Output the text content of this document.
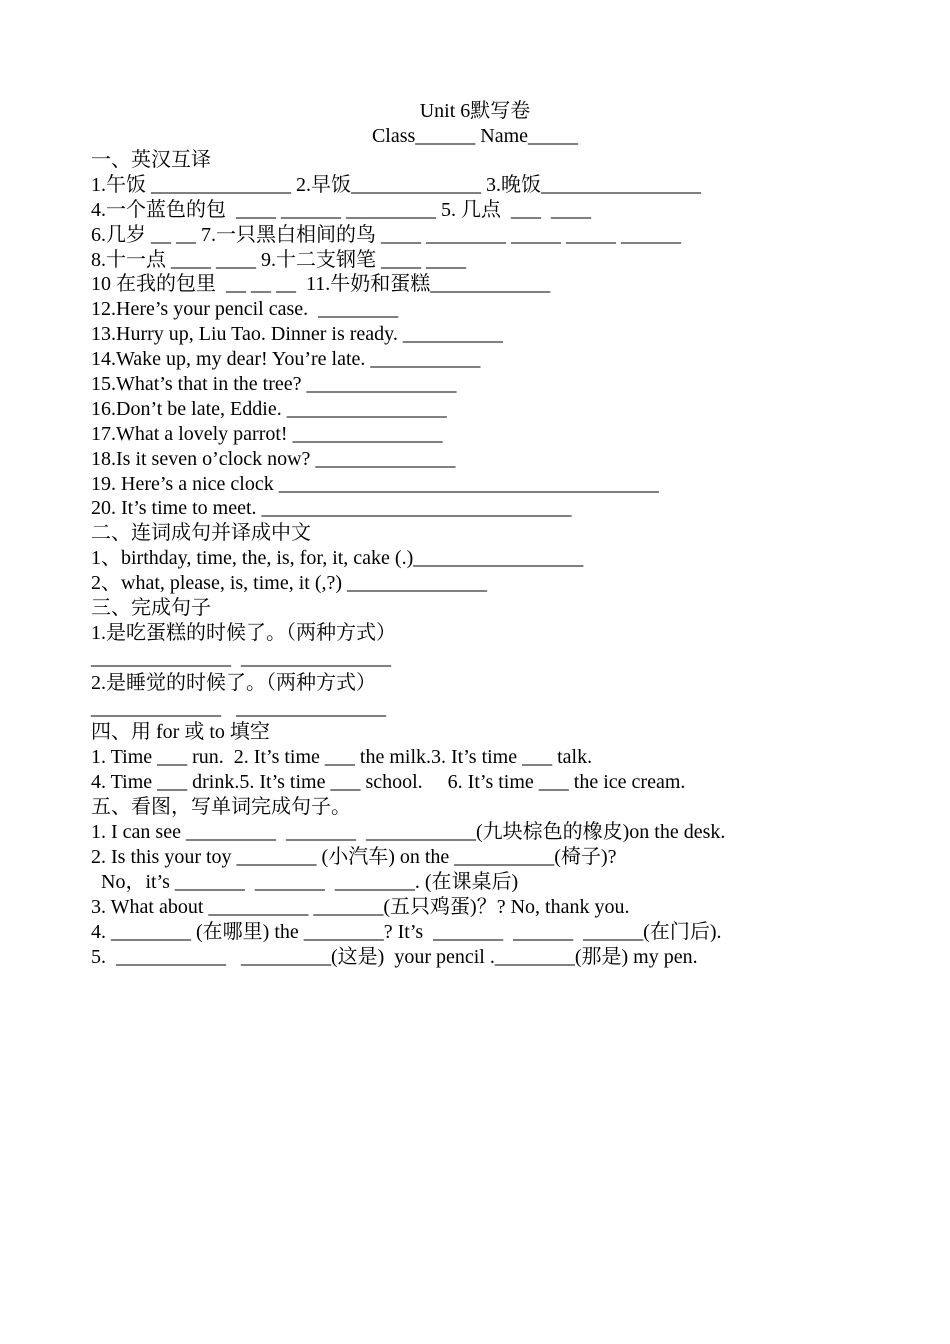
Unit 6默写卷
Class______ Name_____
一、英汉互译
1.午饭 ______________ 2.早饭_____________ 3.晚饭________________
4.一个蓝色的包  ____ ______ _________ 5. 几点  ___  ____
6.几岁 __ __ 7.一只黑白相间的鸟 ____ ________ _____ _____ ______
8.十一点 ____ ____ 9.十二支钢笔 ____ ____
10 在我的包里  __ __ __  11.牛奶和蛋糕____________
12.Here’s your pencil case.  ________
13.Hurry up, Liu Tao. Dinner is ready. __________
14.Wake up, my dear! You’re late. ___________
15.What’s that in the tree? _______________
16.Don’t be late, Eddie. ________________
17.What a lovely parrot! _______________
18.Is it seven o’clock now? ______________
19. Here’s a nice clock ______________________________________
20. It’s time to meet. _______________________________
二、连词成句并译成中文
1、birthday, time, the, is, for, it, cake (.)_________________
2、what, please, is, time, it (,?) ______________
三、完成句子
1.是吃蛋糕的时候了。（两种方式）
______________  _______________
2.是睡觉的时候了。（两种方式）
_____________   _______________
四、用 for 或 to 填空
1. Time ___ run.  2. It’s time ___ the milk.3. It’s time ___ talk.
4. Time ___ drink.5. It’s time ___ school.     6. It’s time ___ the ice cream.
五、看图，写单词完成句子。
1. I can see _________  _______  ___________(九块棕色的橡皮)on the desk.
2. Is this your toy ________ (小汽车) on the __________(椅子)?
No，it’s _______  _______  ________. (在课桌后)
3. What about __________ _______(五只鸡蛋)？? No, thank you.
4. ________ (在哪里) the ________? It’s  _______  ______  ______(在门后).
5.  ___________   _________(这是)  your pencil .________(那是) my pen.
